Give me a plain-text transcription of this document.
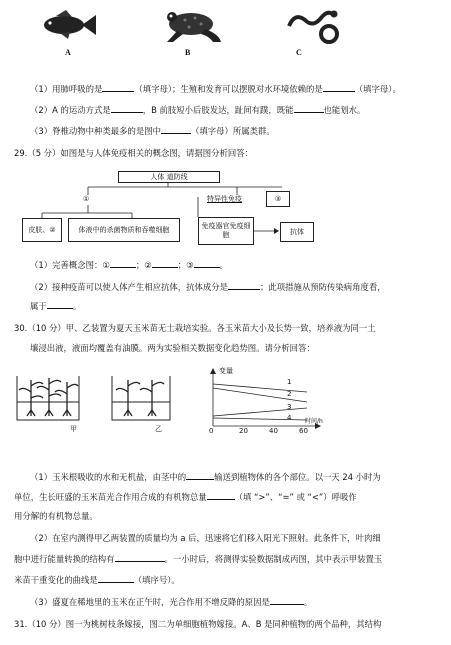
A	B	C
（1）用肺呼吸的是	（填字母）；生殖和发育可以摆脱对水环境依赖的是	（填字母）。
（2）A 的运动方式是	，B 前肢短小后肢发达，趾间有蹼，既能	也能划水。
（3）脊椎动物中种类最多的是图中	（填字母）所属类群。
29.（5 分）如图是与人体免疫相关的概念图，请据图分析回答：
人体 道防线
①	特异性免疫	③
皮肤、②	体液中的杀菌物质和吞噬细胞	免疫器官免疫细胞	抗体
（1）完善概念图：①	；②	；③	。
（2）接种疫苗可以使人体产生相应抗体，抗体成分是	；此项措施从预防传染病角度看，
属于	。
30.（10 分）甲、乙装置为夏天玉米苗无土栽培实验。各玉米苗大小及长势一致，培养液为同一土
壤浸出液，液面均覆盖有油膜。两为实验相关数据变化趋势图。请分析回答：
甲	乙
变量
1
2
3
4
0	20	40	60
时间/h
（1）玉米根吸收的水和无机盐，由茎中的	输送到植物体的各个部位。以一天 24 小时为
单位，生长旺盛的玉米苗光合作用合成的有机物总量	（填 “>”、“=” 或 “<”）呼吸作
用分解的有机物总量。
（2）在室内测得甲乙两装置的质量均为 a 后，迅速将它们移入阳光下照射。此条件下，叶肉细
胞中进行能量转换的结构有	。一小时后，将测得实验数据制成丙图，其中表示甲装置玉
米苗干重变化的曲线是	（填序号）。
（3）盛夏在稀地里的玉米在正午时，光合作用不增反降的原因是	。
31.（10 分）图一为桃树枝条嫁接，图二为单细胞植物嫁接。A、B 是同种植物的两个品种，其结构
